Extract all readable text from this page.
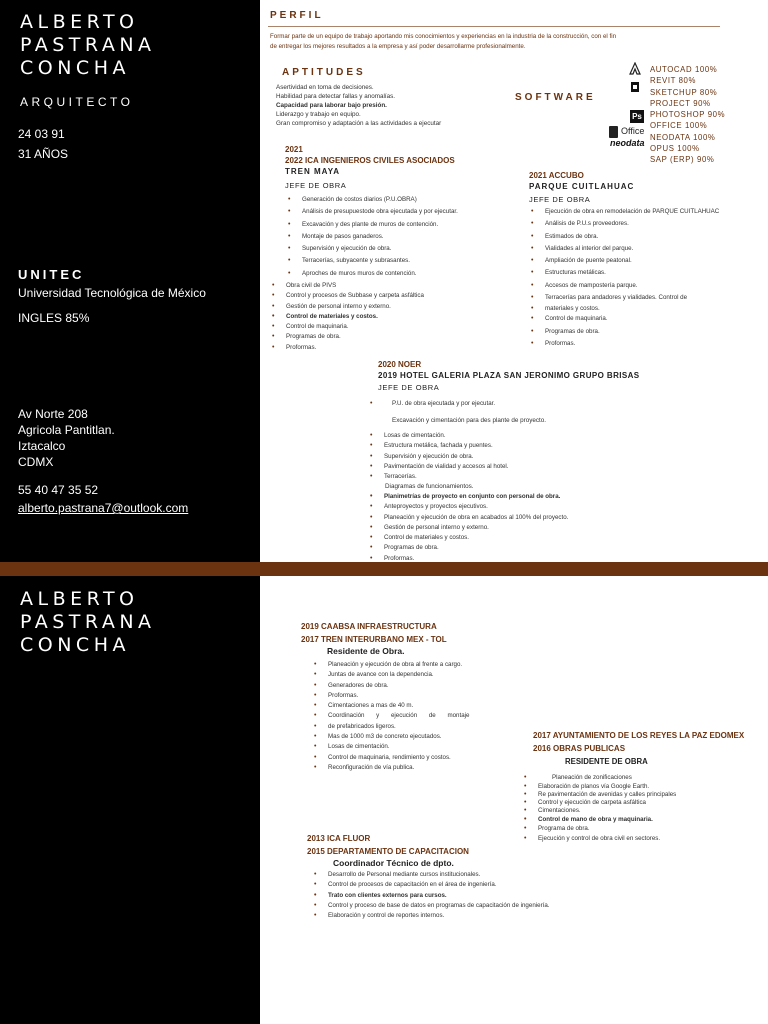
ALBERTO
PASTRANA
CONCHA
ARQUITECTO
24 03 91
31 AÑOS
UNITEC
Universidad Tecnológica de México
INGLES 85%
Av Norte 208
Agricola Pantitlan.
Iztacalco
CDMX
55 40 47 35 52
alberto.pastrana7@outlook.com
ALBERTO
PASTRANA
CONCHA
PERFIL
Formar parte de un equipo de trabajo aportando mis conocimientos y experiencias en la industria de la construcción, con el fin
de entregar los mejores resultados a la empresa y así poder desarrollarme profesionalmente.
APTITUDES
Asertividad en toma de decisiones.
Habilidad para detectar fallas y anomalías.
Capacidad para laborar bajo presión.
Liderazgo y trabajo en equipo.
Gran compromiso y adaptación a las actividades a ejecutar
SOFTWARE
Ps
Office
neodata
AUTOCAD 100%
REVIT 80%
SKETCHUP 80%
PROJECT 90%
PHOTOSHOP 90%
OFFICE 100%
NEODATA 100%
OPUS 100%
SAP (ERP) 90%
2021
2022 ICA INGENIEROS CIVILES ASOCIADOS
TREN MAYA
JEFE DE OBRA
• Generación de costos diarios (P.U.OBRA)
• Análisis de presupuestode obra ejecutada y por ejecutar.
• Excavación y des plante de muros de contención.
• Montaje de pasos ganaderos.
• Supervisión y ejecución de obra.
• Terracerías, subyacente y subrasantes.
• Aproches de muros muros de contención.
• Obra civil de PIVS
• Control y procesos de Subbase y carpeta asfáltica
• Gestión de personal interno y externo.
• Control de materiales y costos.
• Control de maquinaria.
• Programas de obra.
• Proformas.
2021 ACCUBO
PARQUE CUITLAHUAC
JEFE DE OBRA
• Ejecución de obra en remodelación de PARQUE CUITLAHUAC
• Análisis de P.U.s proveedores.
• Estimados de obra.
• Vialidades al interior del parque.
• Ampliación de puente peatonal.
• Estructuras metálicas.
• Accesos de mampostería parque.
• Terracerías para andadores y vialidades. Control de
• materiales y costos.
• Control de maquinaria.
• Programas de obra.
• Proformas.
2020 NOER
2019 HOTEL GALERIA PLAZA SAN JERONIMO GRUPO BRISAS
JEFE DE OBRA
• P.U. de obra ejecutada y por ejecutar.
Excavación y cimentación para des plante de proyecto.
• Losas de cimentación.
• Estructura metálica, fachada y puentes.
• Supervisión y ejecución de obra.
• Pavimentación de vialidad y accesos al hotel.
• Terracerías.
Diagramas de funcionamientos.
• Planimetrías de proyecto en conjunto con personal de obra.
• Anteproyectos y proyectos ejecutivos.
• Planeación y ejecución de obra en acabados al 100% del proyecto.
• Gestión de personal interno y externo.
• Control de materiales y costos.
• Programas de obra.
• Proformas.
2019 CAABSA INFRAESTRUCTURA
2017 TREN INTERURBANO MEX - TOL
Residente de Obra.
• Planeación y ejecución de obra al frente a cargo.
• Juntas de avance con la dependencia.
• Generadores de obra.
• Proformas.
• Cimentaciones a mas de 40 m.
• Coordinación y ejecución de montaje
• de prefabricados ligeros.
• Mas de 1000 m3 de concreto ejecutados.
• Losas de cimentación.
• Control de maquinaria, rendimiento y costos.
• Reconfiguración de vía publica.
2017 AYUNTAMIENTO DE LOS REYES LA PAZ EDOMEX
2016 OBRAS PUBLICAS
RESIDENTE DE OBRA
• Planeación de zonificaciones
• Elaboración de planos vía Google Earth.
• Re pavimentación de avenidas y calles principales
• Control y ejecución de carpeta asfáltica
• Cimentaciones.
• Control de mano de obra y maquinaria.
• Programa de obra.
• Ejecución y control de obra civil en sectores.
2013 ICA FLUOR
2015 DEPARTAMENTO DE CAPACITACION
Coordinador Técnico de dpto.
• Desarrollo de Personal mediante cursos institucionales.
• Control de procesos de capacitación en el área de ingeniería.
• Trato con clientes externos para cursos.
• Control y proceso de base de datos en programas de capacitación de ingeniería.
• Elaboración y control de reportes internos.
